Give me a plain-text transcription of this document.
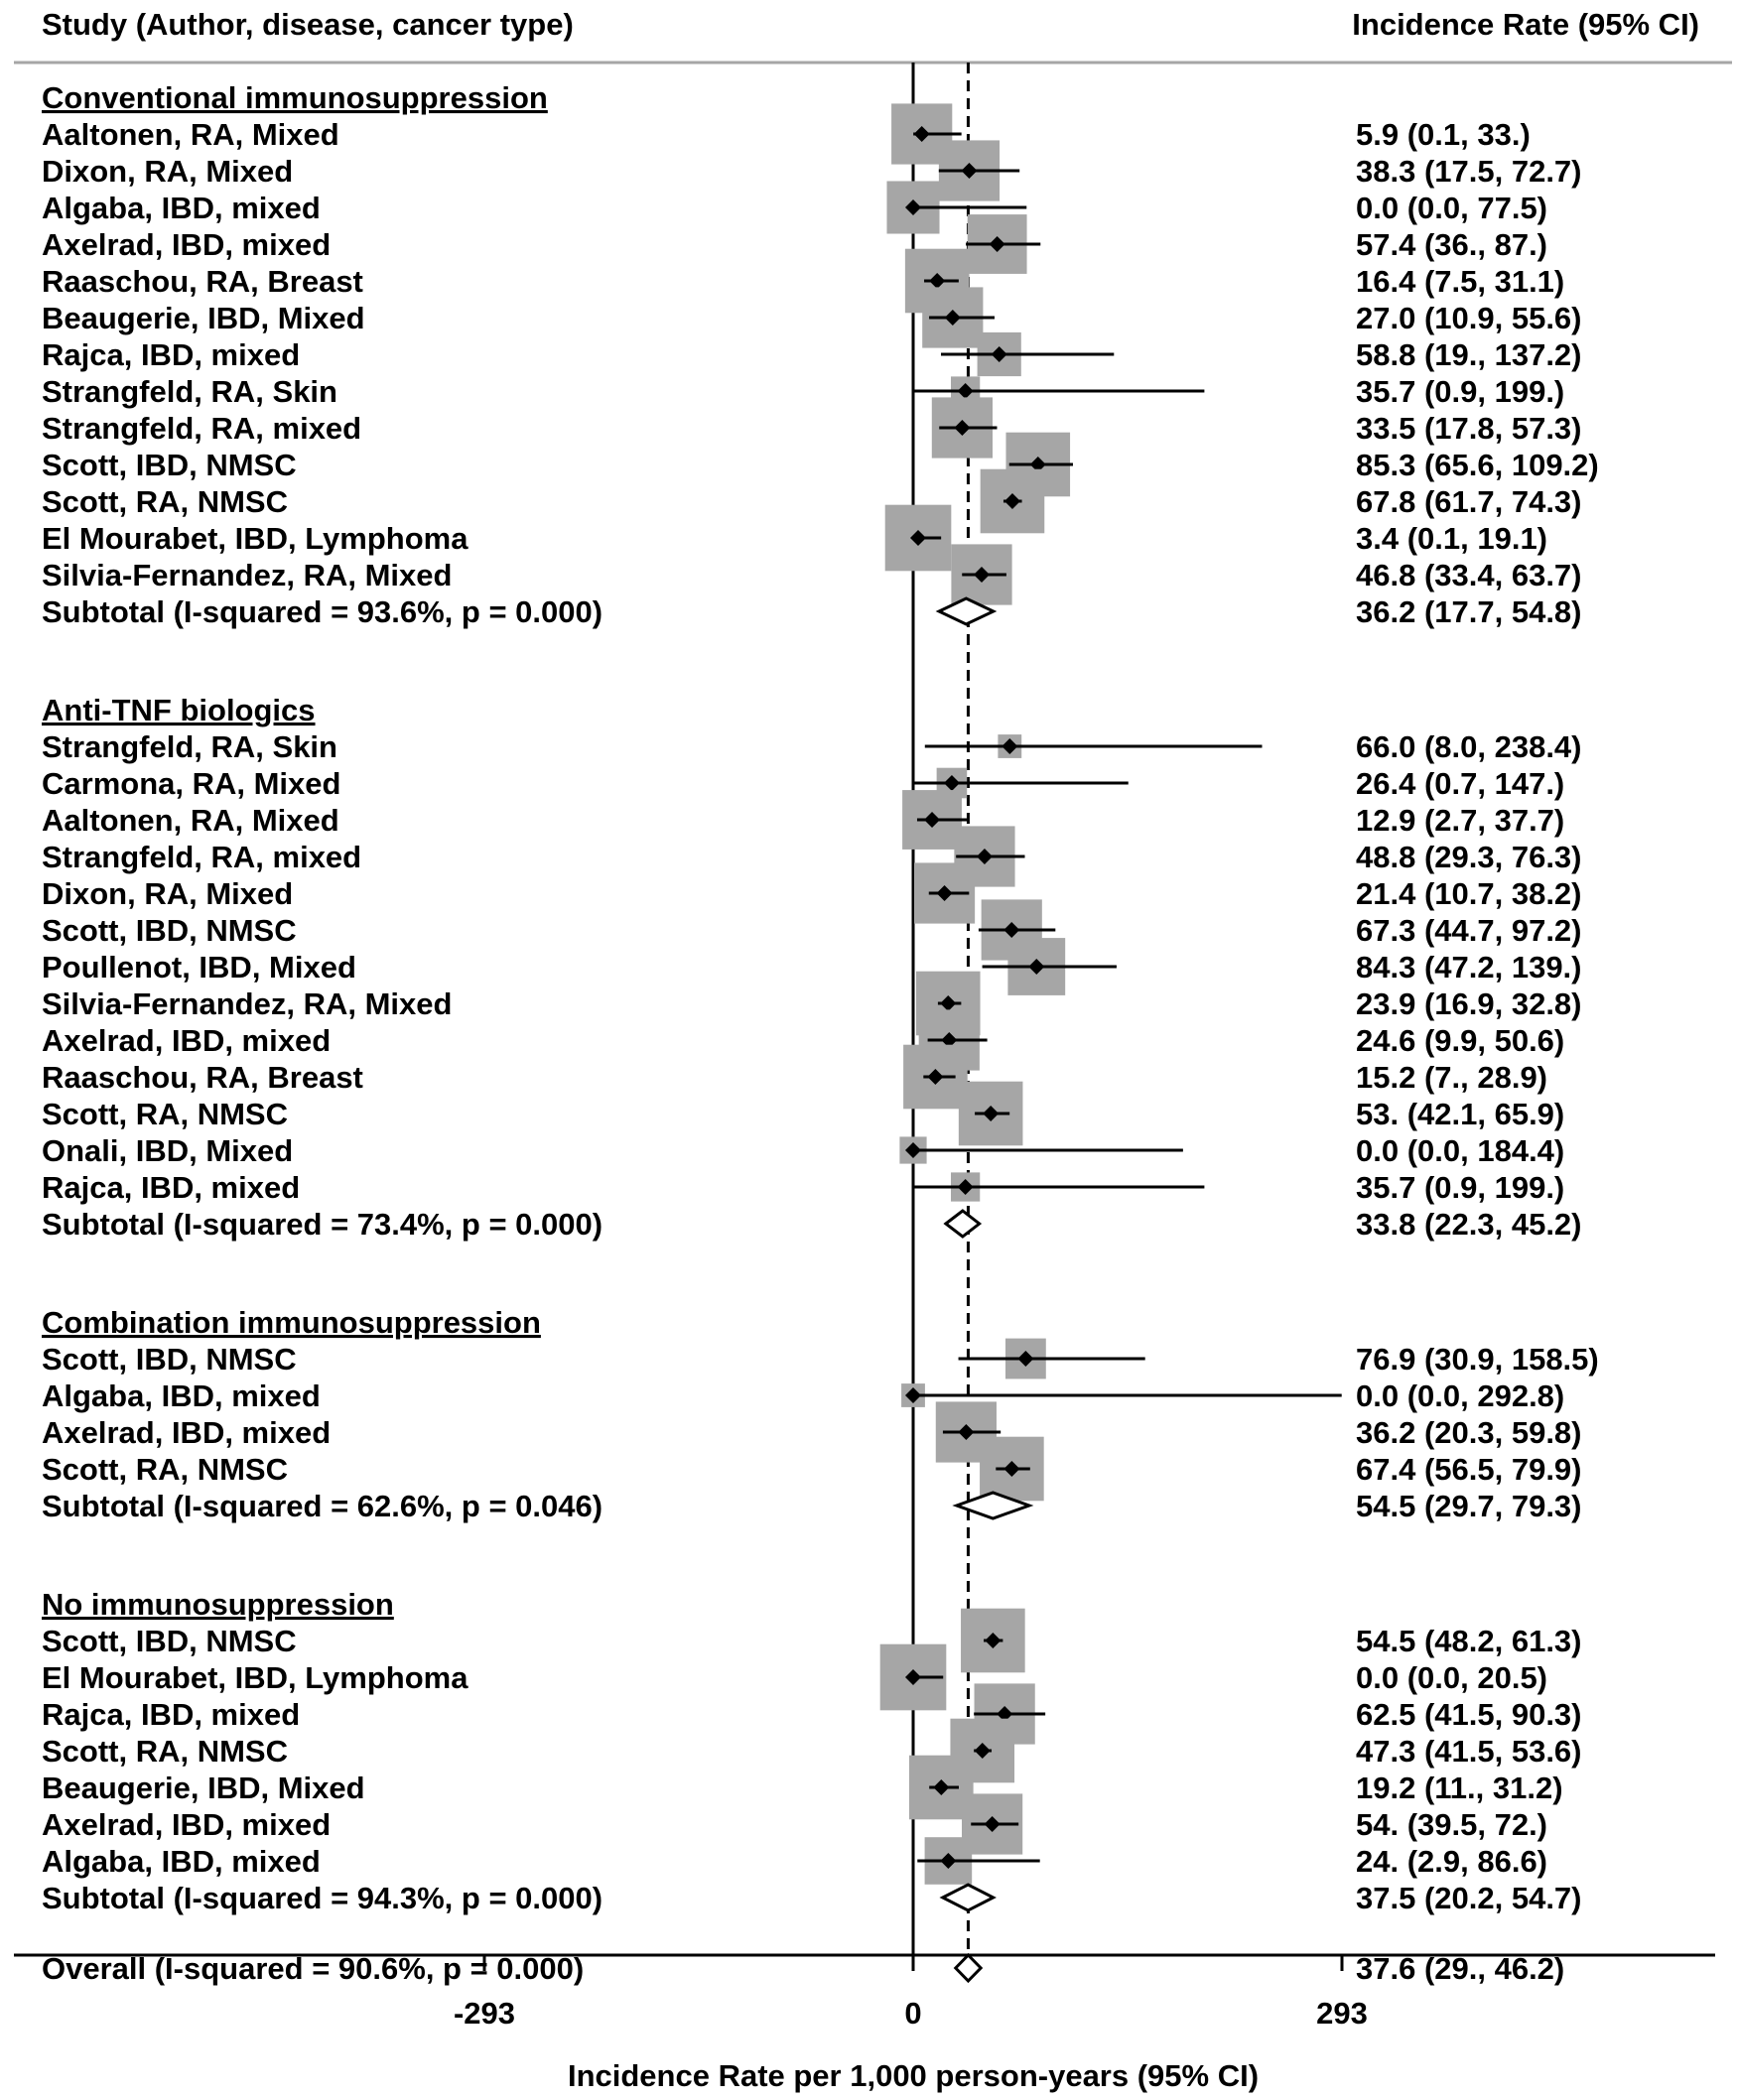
Study (Author, disease, cancer type)	Incidence Rate (95% CI)
Conventional immunosuppression
Anti-TNF biologics
Combination immunosuppression
No immunosuppression
Aaltonen, RA, Mixed	5.9 (0.1, 33.)
Dixon, RA, Mixed	38.3 (17.5, 72.7)
Algaba, IBD, mixed	0.0 (0.0, 77.5)
Axelrad, IBD, mixed	57.4 (36., 87.)
Raaschou, RA, Breast	16.4 (7.5, 31.1)
Beaugerie, IBD, Mixed	27.0 (10.9, 55.6)
Rajca, IBD, mixed	58.8 (19., 137.2)
Strangfeld, RA, Skin	35.7 (0.9, 199.)
Strangfeld, RA, mixed	33.5 (17.8, 57.3)
Scott, IBD, NMSC	85.3 (65.6, 109.2)
Scott, RA, NMSC	67.8 (61.7, 74.3)
El Mourabet, IBD, Lymphoma	3.4 (0.1, 19.1)
Silvia-Fernandez, RA, Mixed	46.8 (33.4, 63.7)
Subtotal (I-squared = 93.6%, p = 0.000)	36.2 (17.7, 54.8)
Strangfeld, RA, Skin	66.0 (8.0, 238.4)
Carmona, RA, Mixed	26.4 (0.7, 147.)
Aaltonen, RA, Mixed	12.9 (2.7, 37.7)
Strangfeld, RA, mixed	48.8 (29.3, 76.3)
Dixon, RA, Mixed	21.4 (10.7, 38.2)
Scott, IBD, NMSC	67.3 (44.7, 97.2)
Poullenot, IBD, Mixed	84.3 (47.2, 139.)
Silvia-Fernandez, RA, Mixed	23.9 (16.9, 32.8)
Axelrad, IBD, mixed	24.6 (9.9, 50.6)
Raaschou, RA, Breast	15.2 (7., 28.9)
Scott, RA, NMSC	53. (42.1, 65.9)
Onali, IBD, Mixed	0.0 (0.0, 184.4)
Rajca, IBD, mixed	35.7 (0.9, 199.)
Subtotal (I-squared = 73.4%, p = 0.000)	33.8 (22.3, 45.2)
Scott, IBD, NMSC	76.9 (30.9, 158.5)
Algaba, IBD, mixed	0.0 (0.0, 292.8)
Axelrad, IBD, mixed	36.2 (20.3, 59.8)
Scott, RA, NMSC	67.4 (56.5, 79.9)
Subtotal (I-squared = 62.6%, p = 0.046)	54.5 (29.7, 79.3)
Scott, IBD, NMSC	54.5 (48.2, 61.3)
El Mourabet, IBD, Lymphoma	0.0 (0.0, 20.5)
Rajca, IBD, mixed	62.5 (41.5, 90.3)
Scott, RA, NMSC	47.3 (41.5, 53.6)
Beaugerie, IBD, Mixed	19.2 (11., 31.2)
Axelrad, IBD, mixed	54. (39.5, 72.)
Algaba, IBD, mixed	24. (2.9, 86.6)
Subtotal (I-squared = 94.3%, p = 0.000)	37.5 (20.2, 54.7)
Overall (I-squared = 90.6%, p = 0.000)	37.6 (29., 46.2)
-293	0	293
Incidence Rate per 1,000 person-years (95% CI)
